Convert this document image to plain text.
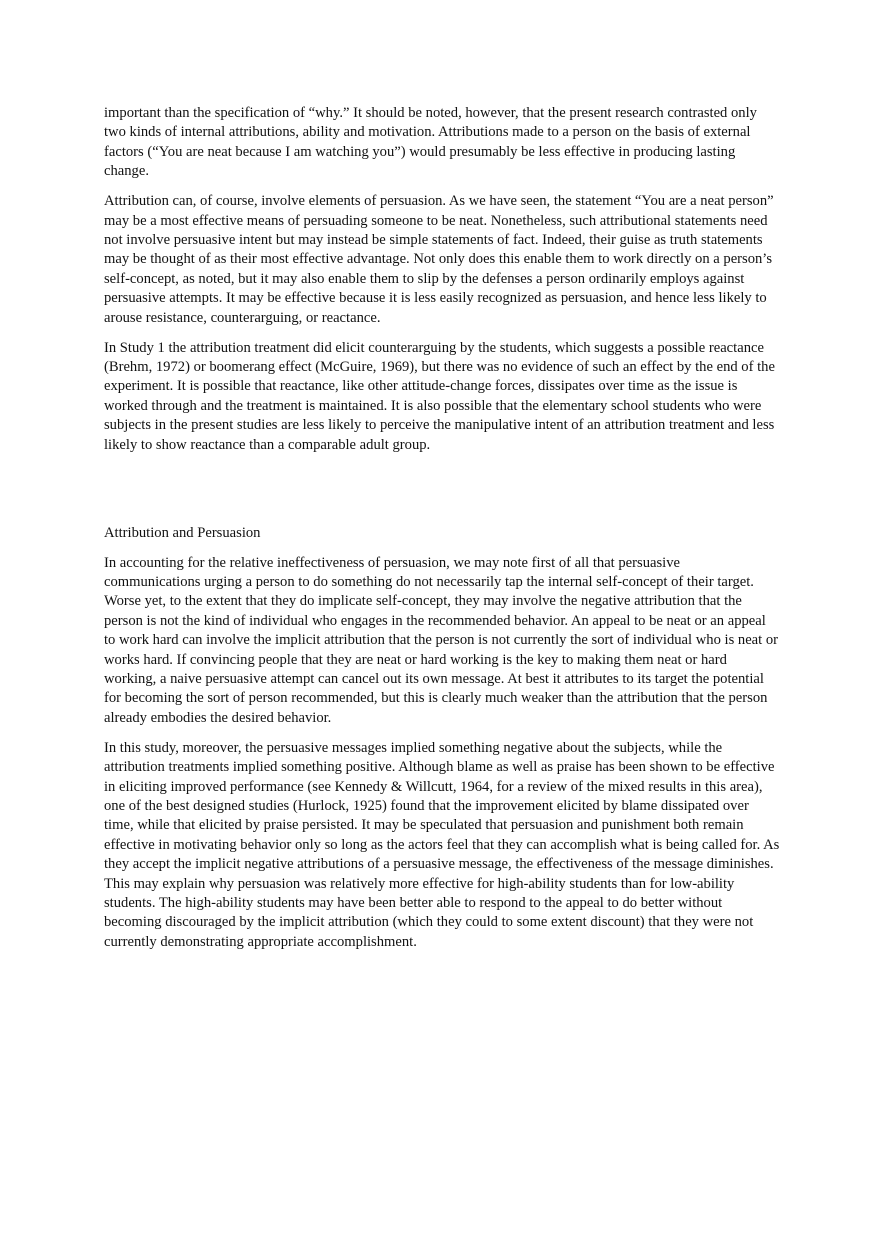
important than the specification of “why.” It should be noted, however, that the present research contrasted only two kinds of internal attributions, ability and motivation. Attributions made to a person on the basis of external factors (“You are neat because I am watching you”) would presumably be less effective in producing lasting change.

Attribution can, of course, involve elements of persuasion. As we have seen, the statement “You are a neat person” may be a most effective means of persuading someone to be neat. Nonetheless, such attributional statements need not involve persuasive intent but may instead be simple statements of fact. Indeed, their guise as truth statements may be thought of as their most effective advantage. Not only does this enable them to work directly on a person’s self-concept, as noted, but it may also enable them to slip by the defenses a person ordinarily employs against persuasive attempts. It may be effective because it is less easily recognized as persuasion, and hence less likely to arouse resistance, counterarguing, or reactance.

In Study 1 the attribution treatment did elicit counterarguing by the students, which suggests a possible reactance (Brehm, 1972) or boomerang effect (McGuire, 1969), but there was no evidence of such an effect by the end of the experiment. It is possible that reactance, like other attitude-change forces, dissipates over time as the issue is worked through and the treatment is maintained. It is also possible that the elementary school students who were subjects in the present studies are less likely to perceive the manipulative intent of an attribution treatment and less likely to show reactance than a comparable adult group.

Attribution and Persuasion

In accounting for the relative ineffectiveness of persuasion, we may note first of all that persuasive communications urging a person to do something do not necessarily tap the internal self-concept of their target. Worse yet, to the extent that they do implicate self-concept, they may involve the negative attribution that the person is not the kind of individual who engages in the recommended behavior. An appeal to be neat or an appeal to work hard can involve the implicit attribution that the person is not currently the sort of individual who is neat or works hard. If convincing people that they are neat or hard working is the key to making them neat or hard working, a naive persuasive attempt can cancel out its own message. At best it attributes to its target the potential for becoming the sort of person recommended, but this is clearly much weaker than the attribution that the person already embodies the desired behavior.

In this study, moreover, the persuasive messages implied something negative about the subjects, while the attribution treatments implied something positive. Although blame as well as praise has been shown to be effective in eliciting improved performance (see Kennedy & Willcutt, 1964, for a review of the mixed results in this area), one of the best designed studies (Hurlock, 1925) found that the improvement elicited by blame dissipated over time, while that elicited by praise persisted. It may be speculated that persuasion and punishment both remain effective in motivating behavior only so long as the actors feel that they can accomplish what is being called for. As they accept the implicit negative attributions of a persuasive message, the effectiveness of the message diminishes. This may explain why persuasion was relatively more effective for high-ability students than for low-ability students. The high-ability students may have been better able to respond to the appeal to do better without becoming discouraged by the implicit attribution (which they could to some extent discount) that they were not currently demonstrating appropriate accomplishment.
